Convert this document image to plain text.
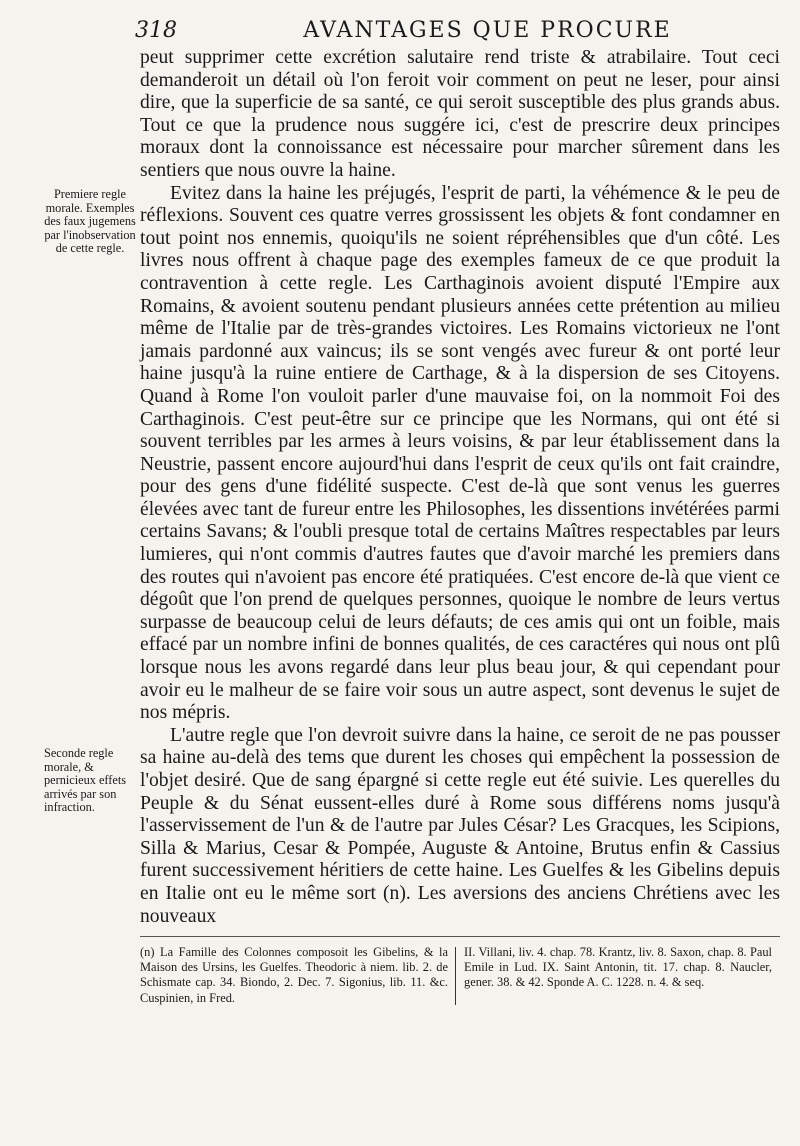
318	AVANTAGES QUE PROCURE
Premiere regle morale. Exemples des faux jugemens par l'inobservation de cette regle.
Seconde regle morale, & pernicieux effets arrivés par son infraction.

peut supprimer cette excrétion salutaire rend triste & atrabilaire. Tout ceci demanderoit un détail où l'on feroit voir comment on peut ne leser, pour ainsi dire, que la superficie de sa santé, ce qui seroit susceptible des plus grands abus. Tout ce que la prudence nous suggére ici, c'est de prescrire deux principes moraux dont la connoissance est nécessaire pour marcher sûrement dans les sentiers que nous ouvre la haine.

Evitez dans la haine les préjugés, l'esprit de parti, la véhémence & le peu de réflexions. Souvent ces quatre verres grossissent les objets & font condamner en tout point nos ennemis, quoiqu'ils ne soient répréhensibles que d'un côté. Les livres nous offrent à chaque page des exemples fameux de ce que produit la contravention à cette regle. Les Carthaginois avoient disputé l'Empire aux Romains, & avoient soutenu pendant plusieurs années cette prétention au milieu même de l'Italie par de très-grandes victoires. Les Romains victorieux ne l'ont jamais pardonné aux vaincus; ils se sont vengés avec fureur & ont porté leur haine jusqu'à la ruine entiere de Carthage, & à la dispersion de ses Citoyens. Quand à Rome l'on vouloit parler d'une mauvaise foi, on la nommoit Foi des Carthaginois. C'est peut-être sur ce principe que les Normans, qui ont été si souvent terribles par les armes à leurs voisins, & par leur établissement dans la Neustrie, passent encore aujourd'hui dans l'esprit de ceux qu'ils ont fait craindre, pour des gens d'une fidélité suspecte. C'est de-là que sont venus les guerres élevées avec tant de fureur entre les Philosophes, les dissentions invétérées parmi certains Savans; & l'oubli presque total de certains Maîtres respectables par leurs lumieres, qui n'ont commis d'autres fautes que d'avoir marché les premiers dans des routes qui n'avoient pas encore été pratiquées. C'est encore de-là que vient ce dégoût que l'on prend de quelques personnes, quoique le nombre de leurs vertus surpasse de beaucoup celui de leurs défauts; de ces amis qui ont un foible, mais effacé par un nombre infini de bonnes qualités, de ces caractéres qui nous ont plû lorsque nous les avons regardé dans leur plus beau jour, & qui cependant pour avoir eu le malheur de se faire voir sous un autre aspect, sont devenus le sujet de nos mépris.

L'autre regle que l'on devroit suivre dans la haine, ce seroit de ne pas pousser sa haine au-delà des tems que durent les choses qui empêchent la possession de l'objet desiré. Que de sang épargné si cette regle eut été suivie. Les querelles du Peuple & du Sénat eussent-elles duré à Rome sous différens noms jusqu'à l'asservissement de l'un & de l'autre par Jules César? Les Gracques, les Scipions, Silla & Marius, Cesar & Pompée, Auguste & Antoine, Brutus enfin & Cassius furent successivement héritiers de cette haine. Les Guelfes & les Gibelins depuis en Italie ont eu le même sort (n). Les aversions des anciens Chrétiens avec les nouveaux

(n) La Famille des Colonnes composoit les Gibelins, & la Maison des Ursins, les Guelfes. Theodoric à niem. lib. 2. de Schismate cap. 34. Biondo, 2. Dec. 7. Sigonius, lib. 11. &c. Cuspinien, in Fred.
II. Villani, liv. 4. chap. 78. Krantz, liv. 8. Saxon, chap. 8. Paul Emile in Lud. IX. Saint Antonin, tit. 17. chap. 8. Naucler, gener. 38. & 42. Sponde A. C. 1228. n. 4. & seq.
